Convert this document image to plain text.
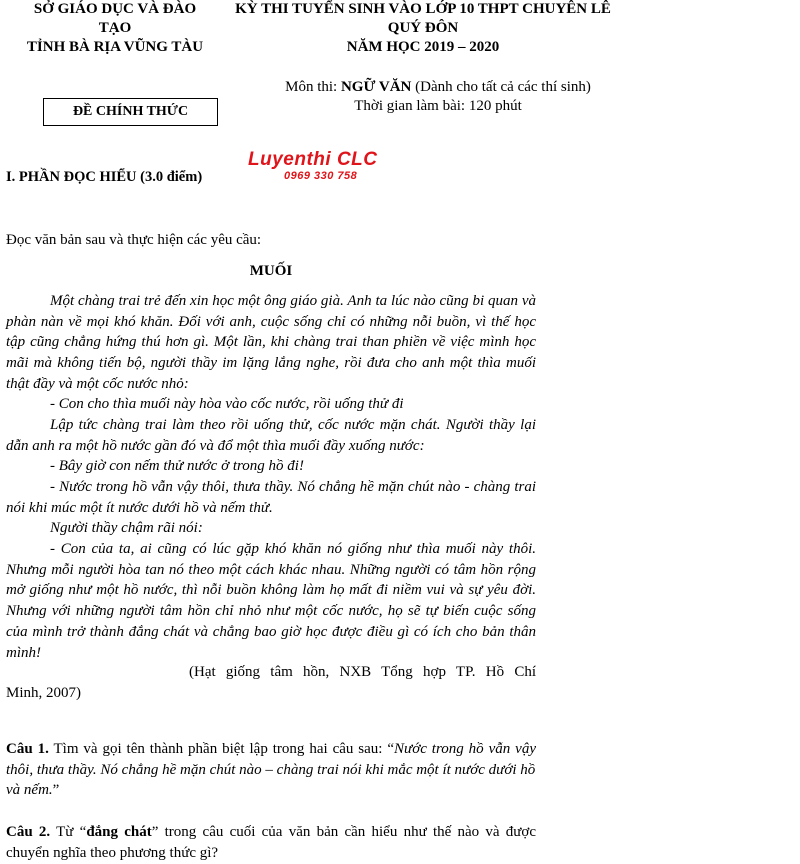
SỞ GIÁO DỤC VÀ ĐÀO
TẠO
TỈNH BÀ RỊA VŨNG TÀU
KỲ THI TUYỂN SINH VÀO LỚP 10 THPT CHUYÊN LÊ
QUÝ ĐÔN
NĂM HỌC 2019 – 2020
Môn thi: NGỮ VĂN (Dành cho tất cả các thí sinh)
Thời gian làm bài: 120 phút
ĐỀ CHÍNH THỨC
Luyenthi CLC
0969 330 758
I. PHẦN ĐỌC HIỂU (3.0 điểm)
Đọc văn bản sau và thực hiện các yêu cầu:
MUỐI
Một chàng trai trẻ đến xin học một ông giáo già. Anh ta lúc nào cũng bi quan và phàn nàn về mọi khó khăn. Đối với anh, cuộc sống chỉ có những nỗi buồn, vì thế học tập cũng chẳng hứng thú hơn gì. Một lần, khi chàng trai than phiền về việc mình học mãi mà không tiến bộ, người thầy im lặng lắng nghe, rồi đưa cho anh một thìa muối thật đầy và một cốc nước nhỏ:
- Con cho thìa muối này hòa vào cốc nước, rồi uống thử đi
Lập tức chàng trai làm theo rồi uống thử, cốc nước mặn chát. Người thầy lại dẫn anh ra một hồ nước gần đó và đổ một thìa muối đầy xuống nước:
- Bây giờ con nếm thử nước ở trong hồ đi!
- Nước trong hồ vẫn vậy thôi, thưa thầy. Nó chẳng hề mặn chút nào - chàng trai nói khi múc một ít nước dưới hồ và nếm thử.
Người thầy chậm rãi nói:
- Con của ta, ai cũng có lúc gặp khó khăn nó giống như thìa muối này thôi. Nhưng mỗi người hòa tan nó theo một cách khác nhau. Những người có tâm hồn rộng mở giống như một hồ nước, thì nỗi buồn không làm họ mất đi niềm vui và sự yêu đời. Nhưng với những người tâm hồn chỉ nhỏ như một cốc nước, họ sẽ tự biến cuộc sống của mình trở thành đắng chát và chẳng bao giờ học được điều gì có ích cho bản thân mình!
(Hạt giống tâm hồn, NXB Tổng hợp TP. Hồ Chí
Minh, 2007)
Câu 1. Tìm và gọi tên thành phần biệt lập trong hai câu sau: “Nước trong hồ vẫn vậy thôi, thưa thầy. Nó chẳng hề mặn chút nào – chàng trai nói khi mắc một ít nước dưới hồ
và nếm.”
Câu 2. Từ “đắng chát” trong câu cuối của văn bản cần hiểu như thế nào và được chuyển nghĩa theo phương thức gì?
